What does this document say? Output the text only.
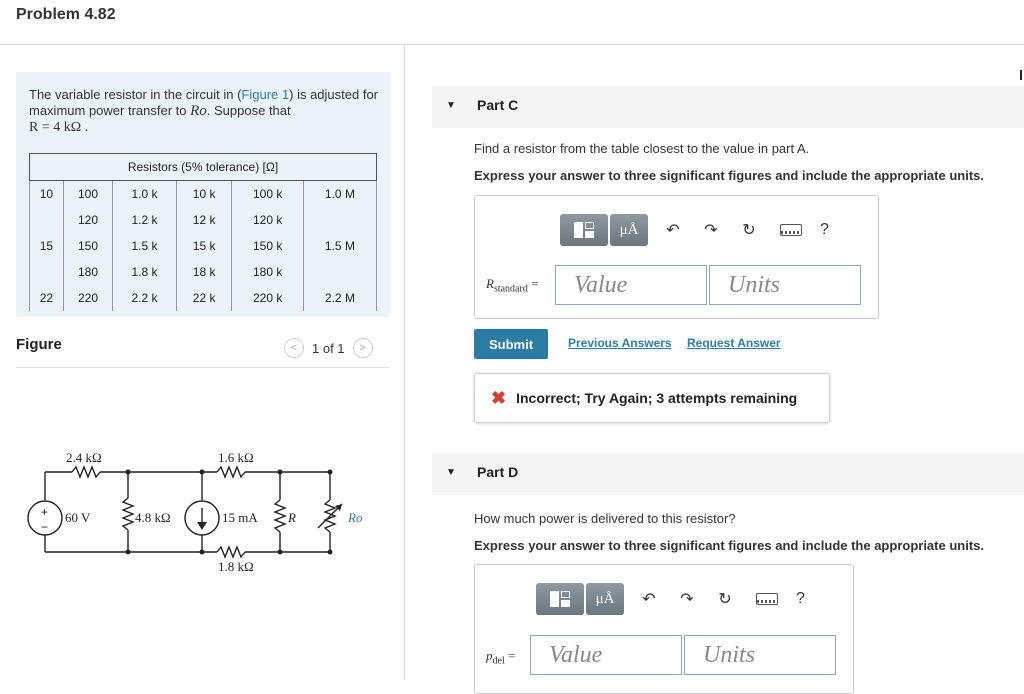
Problem 4.82
The variable resistor in the circuit in (Figure 1) is adjusted for maximum power transfer to Ro. Suppose that
R = 4 kΩ .
Resistors (5% tolerance) [Ω]					
10	100	1.0 k	10 k	100 k	1.0 M
	120	1.2 k	12 k	120 k	
15	150	1.5 k	15 k	150 k	1.5 M
	180	1.8 k	18 k	180 k	
22	220	2.2 k	22 k	220 k	2.2 M
Figure	<	1 of 1	>
2.4 kΩ	1.6 kΩ
1.8 kΩ
4.8 kΩ
60 V	15 mA R	Ro
+
−
▼ Part C
Find a resistor from the table closest to the value in part A.
Express your answer to three significant figures and include the appropriate units.
μÅ	↶	↷	↻	?
$R_{standard}$ =	Value	Units
Submit	Previous Answers Request Answer
✖ Incorrect; Try Again; 3 attempts remaining
▼ Part D
How much power is delivered to this resistor?
Express your answer to three significant figures and include the appropriate units.
μÅ	↶	↷	↻	?
$p_{del}$ =	Value	Units
